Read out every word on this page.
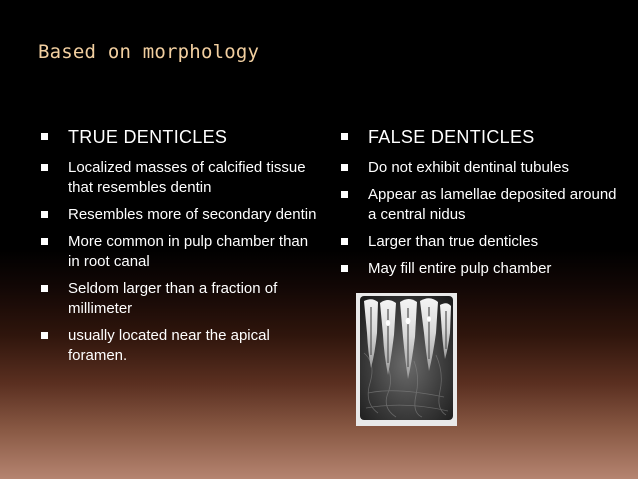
Based on morphology
TRUE DENTICLES
Localized masses of calcified tissue that resembles dentin
Resembles more of secondary dentin
More common in pulp chamber than in root canal
Seldom larger than a fraction of millimeter
usually located near the apical foramen.
FALSE DENTICLES
Do not exhibit dentinal tubules
Appear as lamellae deposited around a central nidus
Larger than true denticles
May fill entire pulp chamber
